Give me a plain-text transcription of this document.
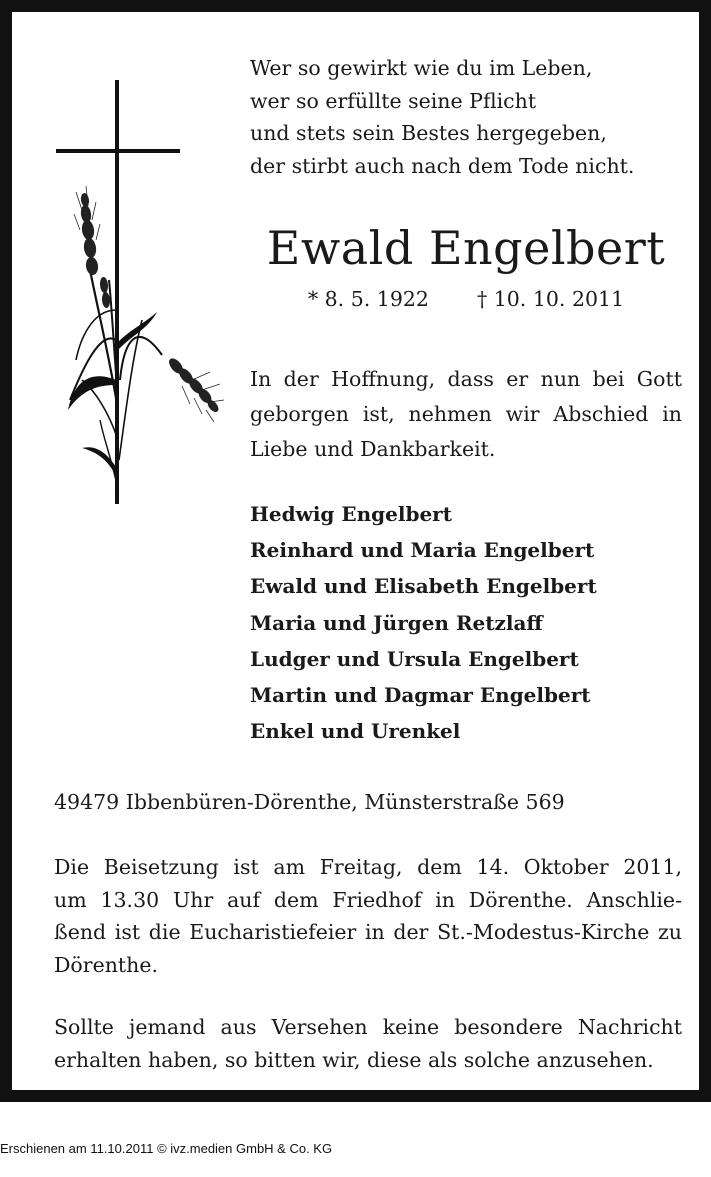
Wer so gewirkt wie du im Leben,
wer so erfüllte seine Pflicht
und stets sein Bestes hergegeben,
der stirbt auch nach dem Tode nicht.
Ewald Engelbert
* 8. 5. 1922 † 10. 10. 2011
In der Hoffnung, dass er nun bei Gott
geborgen ist, nehmen wir Abschied in
Liebe und Dankbarkeit.
Hedwig Engelbert
Reinhard und Maria Engelbert
Ewald und Elisabeth Engelbert
Maria und Jürgen Retzlaff
Ludger und Ursula Engelbert
Martin und Dagmar Engelbert
Enkel und Urenkel
49479 Ibbenbüren-Dörenthe, Münsterstraße 569
Die Beisetzung ist am Freitag, dem 14. Oktober 2011,
um 13.30 Uhr auf dem Friedhof in Dörenthe. Anschlie-
ßend ist die Eucharistiefeier in der St.-Modestus-Kirche zu
Dörenthe.
Sollte jemand aus Versehen keine besondere Nachricht
erhalten haben, so bitten wir, diese als solche anzusehen.
Erschienen am 11.10.2011 © ivz.medien GmbH & Co. KG
